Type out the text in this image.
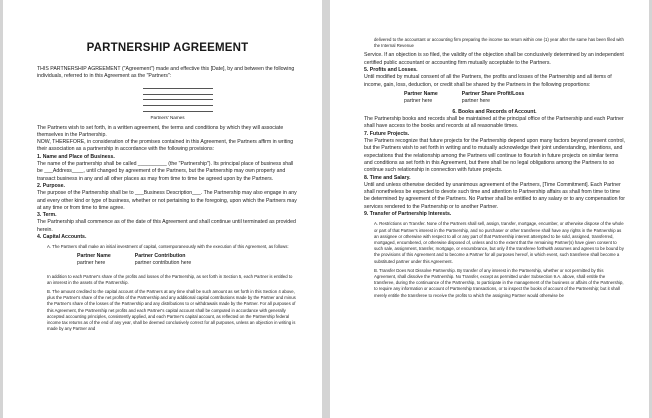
PARTNERSHIP AGREEMENT

THIS PARTNERSHIP AGREEMENT ("Agreement") made and effective this [Date], by and between the following individuals, referred to in this Agreement as the "Partners":

Partners' Names

The Partners wish to set forth, in a written agreement, the terms and conditions by which they will associate themselves in the Partnership.

NOW, THEREFORE, in consideration of the promises contained in this Agreement, the Partners affirm in writing their association as a partnership in accordance with the following provisions:

1. Name and Place of Business.

The name of the partnership shall be called __________ (the "Partnership"). Its principal place of business shall be ___Address____, until changed by agreement of the Partners, but the Partnership may own property and transact business in any and all other places as may from time to time be agreed upon by the Partners.

2. Purpose.

The purpose of the Partnership shall be to ___Business Description___. The Partnership may also engage in any and every other kind or type of business, whether or not pertaining to the foregoing, upon which the Partners may at any time or from time to time agree.

3. Term.

The Partnership shall commence as of the date of this Agreement and shall continue until terminated as provided herein.

4. Capital Accounts.

A. The Partners shall make an initial investment of capital, contemporaneously with the execution of this Agreement, as follows:

Partner Name	Partner Contribution
partner here	partner contribution here

In addition to each Partner's share of the profits and losses of the Partnership, as set forth in Section 5, each Partner is entitled to an interest in the assets of the Partnership.

B. The amount credited to the capital account of the Partners at any time shall be such amount as set forth in this Section 4 above, plus the Partner's share of the net profits of the Partnership and any additional capital contributions made by the Partner and minus the Partner's share of the losses of the Partnership and any distributions to or withdrawals made by the Partner. For all purposes of this Agreement, the Partnership net profits and each Partner's capital account shall be computed in accordance with generally accepted accounting principles, consistently applied, and each Partner's capital account, as reflected on the Partnership federal income tax returns as of the end of any year, shall be deemed conclusively correct for all purposes, unless an objection in writing is made by any Partner and

delivered to the accountant or accounting firm preparing the income tax return within one (1) year after the same has been filed with the Internal Revenue

Service. If an objection is so filed, the validity of the objection shall be conclusively determined by an independent certified public accountant or accounting firm mutually acceptable to the Partners.

5. Profits and Losses.

Until modified by mutual consent of all the Partners, the profits and losses of the Partnership and all items of income, gain, loss, deduction, or credit shall be shared by the Partners in the following proportions:

Partner Name	Partner Share Profit/Loss
partner here	partner here
6. Books and Records of Account.

The Partnership books and records shall be maintained at the principal office of the Partnership and each Partner shall have access to the books and records at all reasonable times.

7. Future Projects.

The Partners recognize that future projects for the Partnership depend upon many factors beyond present control, but the Partners wish to set forth in writing and to mutually acknowledge their joint understanding, intentions, and expectations that the relationship among the Partners will continue to flourish in future projects on similar terms and conditions as set forth in this Agreement, but there shall be no legal obligations among the Partners to so continue such relationship in connection with future projects.

8. Time and Salary.

Until and unless otherwise decided by unanimous agreement of the Partners, [Time Commitment]. Each Partner shall nonetheless be expected to devote such time and attention to Partnership affairs as shall from time to time be determined by agreement of the Partners. No Partner shall be entitled to any salary or to any compensation for services rendered to the Partnership or to another Partner.

9. Transfer of Partnership Interests.

A. Restrictions on Transfer. None of the Partners shall sell, assign, transfer, mortgage, encumber, or otherwise dispose of the whole or part of that Partner's interest in the Partnership, and no purchaser or other transferee shall have any rights in the Partnership as an assignee or otherwise with respect to all or any part of that Partnership interest attempted to be sold, assigned, transferred, mortgaged, encumbered, or otherwise disposed of, unless and to the extent that the remaining Partner(s) have given consent to such sale, assignment, transfer, mortgage, or encumbrance, but only if the transferee forthwith assumes and agrees to be bound by the provisions of this Agreement and to become a Partner for all purposes hereof, in which event, such transferee shall become a substituted partner under this Agreement.

B. Transfer Does Not Dissolve Partnership. By transfer of any interest in the Partnership, whether or not permitted by this Agreement, shall dissolve the Partnership. No Transfer, except as permitted under Subsection 9.A. above, shall entitle the transferee, during the continuance of the Partnership, to participate in the management of the business or affairs of the Partnership, to require any information or account of Partnership transactions, or to inspect the books of account of the Partnership; but it shall merely entitle the transferee to receive the profits to which the assigning Partner would otherwise be
